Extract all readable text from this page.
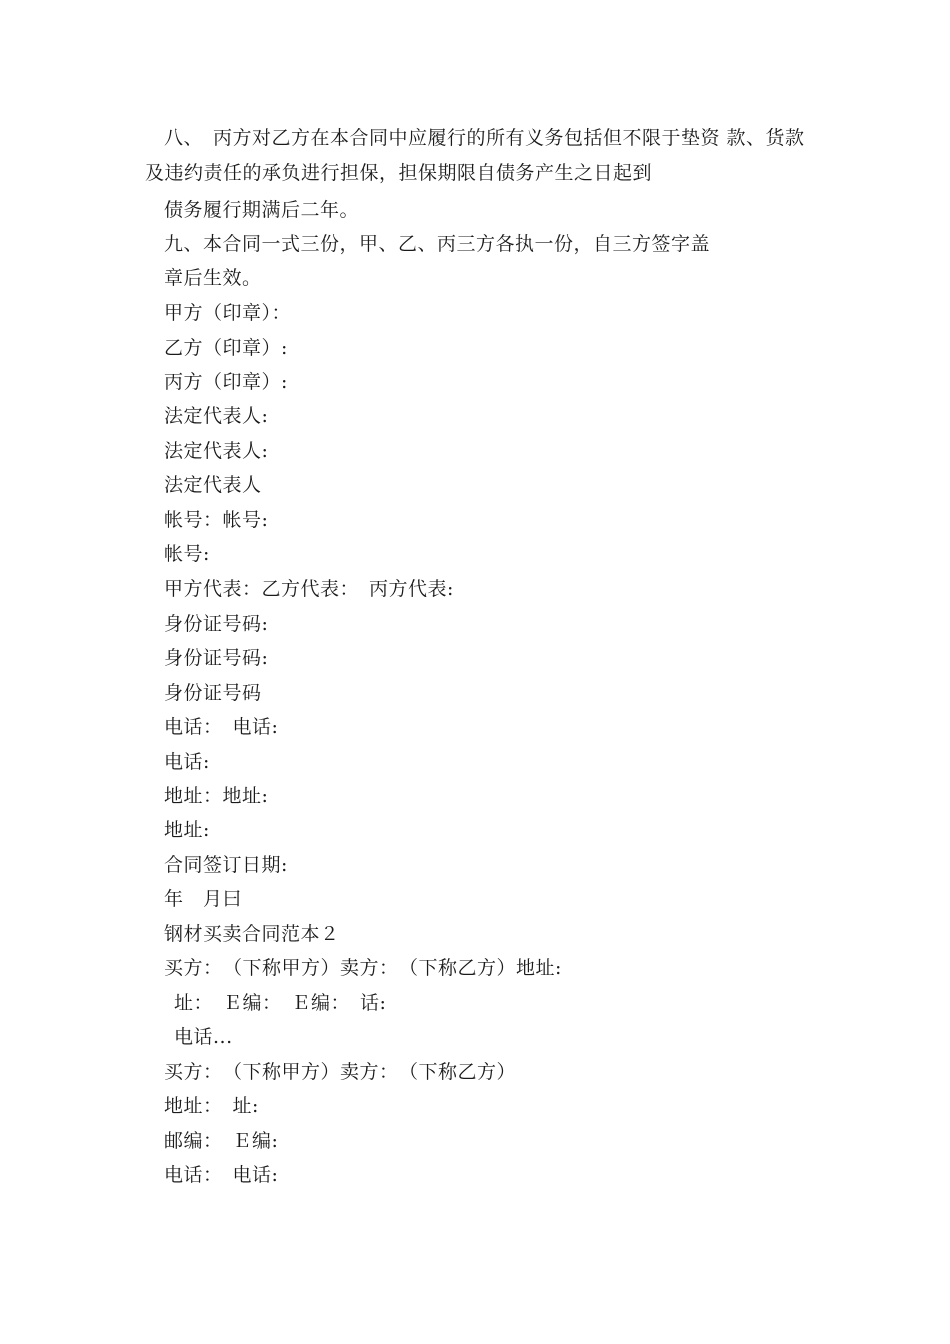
八、　丙方对乙方在本合同中应履行的所有义务包括但不限于垫资 款、货款
及违约责任的承负进行担保，担保期限自债务产生之日起到
债务履行期满后二年。
九、本合同一式三份，甲、乙、丙三方各执一份，自三方签字盖
章后生效。
甲方（印章）：
乙方（印章）:
丙方（印章）:
法定代表人:
法定代表人:
法定代表人
帐号：帐号:
帐号:
甲方代表：乙方代表：　丙方代表:
身份证号码:
身份证号码:
身份证号码
电话：　电话:
电话:
地址：地址:
地址:
合同签订日期:
年　月曰
钢材买卖合同范本２
买方：　（下称甲方）卖方：　（下称乙方）地址:
址：　Ｅ编：　Ｅ编：　话:
电话...
买方：　（下称甲方）卖方：　（下称乙方）
地址：　址:
邮编：　Ｅ编:
电话：　电话:
